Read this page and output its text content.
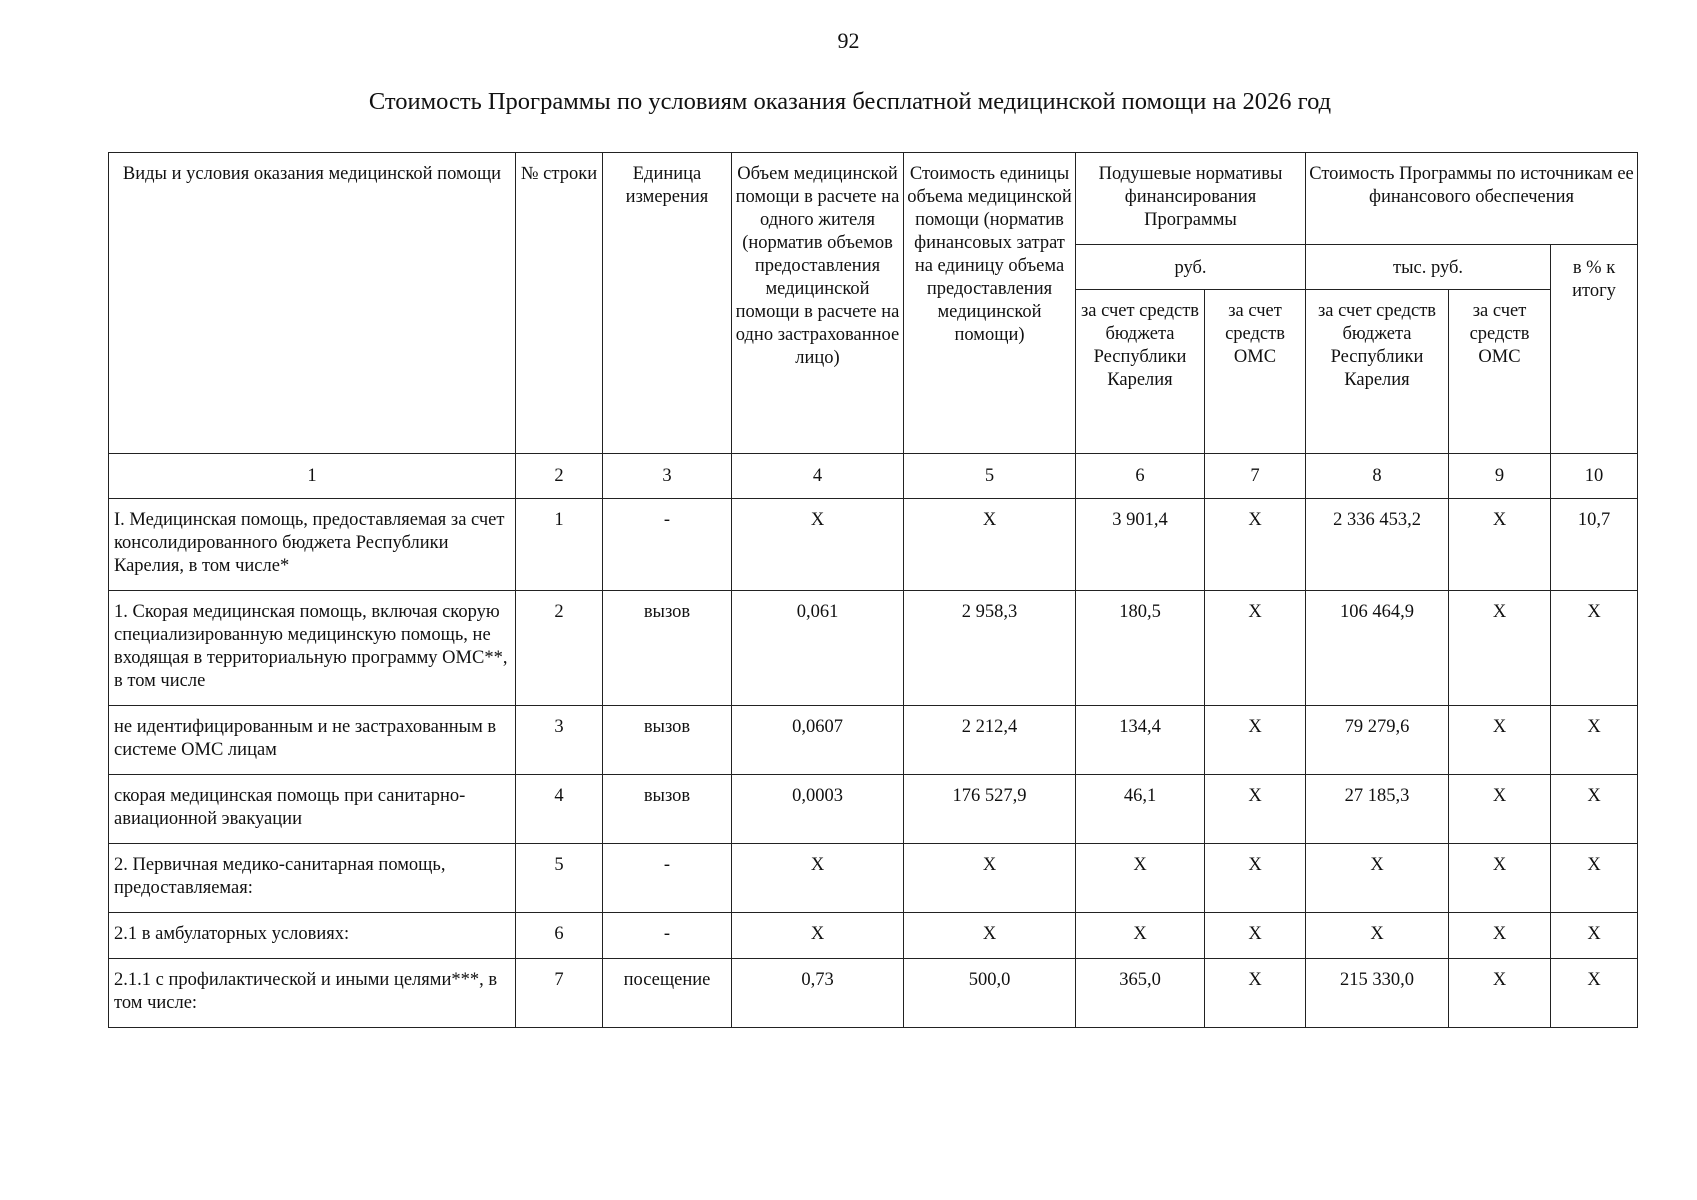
92
Стоимость Программы по условиям оказания бесплатной медицинской помощи на 2026 год
Виды и условия оказания медицинской помощи	№ строки	Единица измерения	Объем медицинской помощи в расчете на одного жителя (норматив объемов предоставления медицинской помощи в расчете на одно застрахованное лицо)	Стоимость единицы объема медицинской помощи (норматив финансовых затрат на единицу объема предоставления медицинской помощи)	Подушевые нормативы финансирования Программы		Стоимость Программы по источникам ее финансового обеспечения		
					руб.		тыс. руб.		в % к итогу
					за счет средств бюджета Республики Карелия	за счет средств ОМС	за счет средств бюджета Республики Карелия	за счет средств ОМС	
1	2	3	4	5	6	7	8	9	10
I. Медицинская помощь, предоставляемая за счет консолидированного бюджета Республики Карелия, в том числе*	1	-	X	X	3 901,4	X	2 336 453,2	X	10,7
1. Скорая медицинская помощь, включая скорую специализированную медицинскую помощь, не входящая в территориальную программу ОМС**, в том числе	2	вызов	0,061	2 958,3	180,5	X	106 464,9	X	X
не идентифицированным и не застрахованным в системе ОМС лицам	3	вызов	0,0607	2 212,4	134,4	X	79 279,6	X	X
скорая медицинская помощь при санитарно-авиационной эвакуации	4	вызов	0,0003	176 527,9	46,1	X	27 185,3	X	X
2. Первичная медико-санитарная помощь, предоставляемая:	5	-	X	X	X	X	X	X	X
2.1 в амбулаторных условиях:	6	-	X	X	X	X	X	X	X
2.1.1 с профилактической и иными целями***, в том числе:	7	посещение	0,73	500,0	365,0	X	215 330,0	X	X
